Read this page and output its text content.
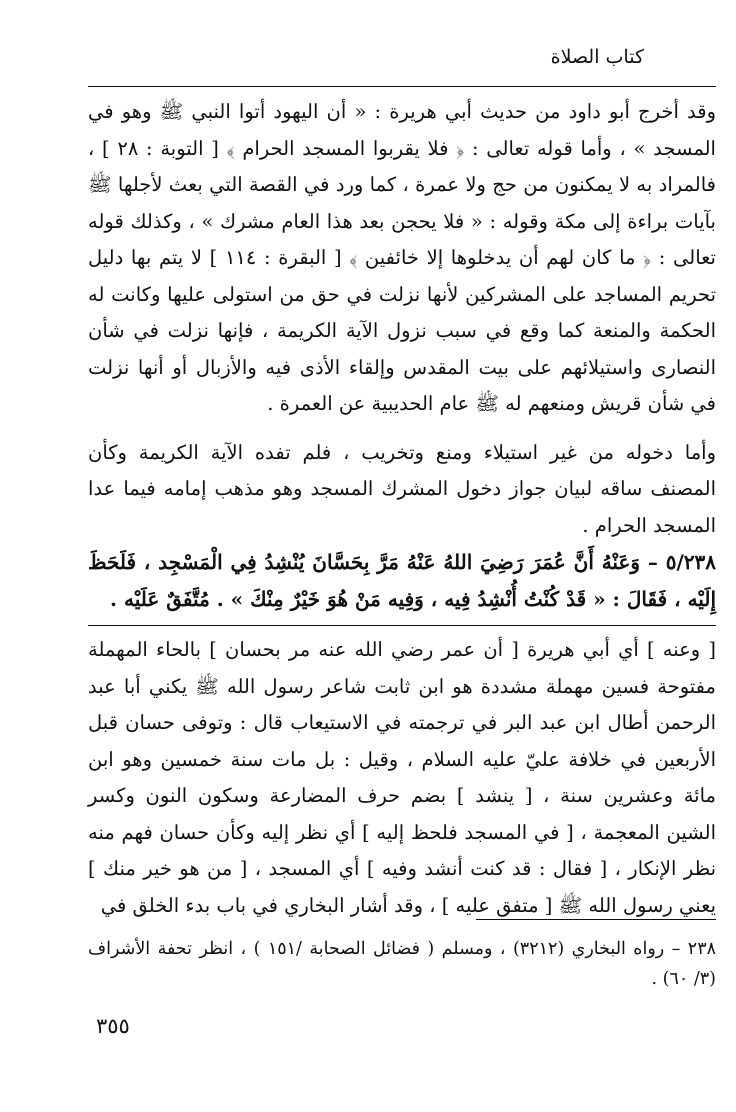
كتاب الصلاة

وقد أخرج أبو داود من حديث أبي هريرة : « أن اليهود أتوا النبي ﷺ وهو في المسجد » ، وأما قوله تعالى : ﴿ فلا يقربوا المسجد الحرام ﴾ [ التوبة : ٢٨ ] ، فالمراد به لا يمكنون من حج ولا عمرة ، كما ورد في القصة التي بعث لأجلها ﷺ بآيات براءة إلى مكة وقوله : « فلا يحجن بعد هذا العام مشرك » ، وكذلك قوله تعالى : ﴿ ما كان لهم أن يدخلوها إلا خائفين ﴾ [ البقرة : ١١٤ ] لا يتم بها دليل تحريم المساجد على المشركين لأنها نزلت في حق من استولى عليها وكانت له الحكمة والمنعة كما وقع في سبب نزول الآية الكريمة ، فإنها نزلت في شأن النصارى واستيلائهم على بيت المقدس وإلقاء الأذى فيه والأزبال أو أنها نزلت في شأن قريش ومنعهم له ﷺ عام الحديبية عن العمرة .

وأما دخوله من غير استيلاء ومنع وتخريب ، فلم تفده الآية الكريمة وكأن المصنف ساقه لبيان جواز دخول المشرك المسجد وهو مذهب إمامه فيما عدا المسجد الحرام .

٥/٢٣٨ – وَعَنْهُ أَنَّ عُمَرَ رَضِيَ اللهُ عَنْهُ مَرَّ بِحَسَّانَ يُنْشِدُ فِي الْمَسْجِد ، فَلَحَظَ إِلَيْه ، فَقَالَ : « قَدْ كُنْتُ أُنْشِدُ فِيه ، وَفِيه مَنْ هُوَ خَيْرٌ مِنْكَ » . مُتَّفَقٌ عَلَيْه .

[ وعنه ] أي أبي هريرة [ أن عمر رضي الله عنه مر بحسان ] بالحاء المهملة مفتوحة فسين مهملة مشددة هو ابن ثابت شاعر رسول الله ﷺ يكني أبا عبد الرحمن أطال ابن عبد البر في ترجمته في الاستيعاب قال : وتوفى حسان قبل الأربعين في خلافة عليّ عليه السلام ، وقيل : بل مات سنة خمسين وهو ابن مائة وعشرين سنة ، [ ينشد ] بضم حرف المضارعة وسكون النون وكسر الشين المعجمة ، [ في المسجد فلحظ إليه ] أي نظر إليه وكأن حسان فهم منه نظر الإنكار ، [ فقال : قد كنت أنشد وفيه ] أي المسجد ، [ من هو خير منك ] يعني رسول الله ﷺ [ متفق عليه ] ، وقد أشار البخاري في باب بدء الخلق في

٢٣٨ – رواه البخاري (٣٢١٢) ، ومسلم ( فضائل الصحابة /١٥١ ) ، انظر تحفة الأشراف (٣/ ٦٠) .
٣٥٥
